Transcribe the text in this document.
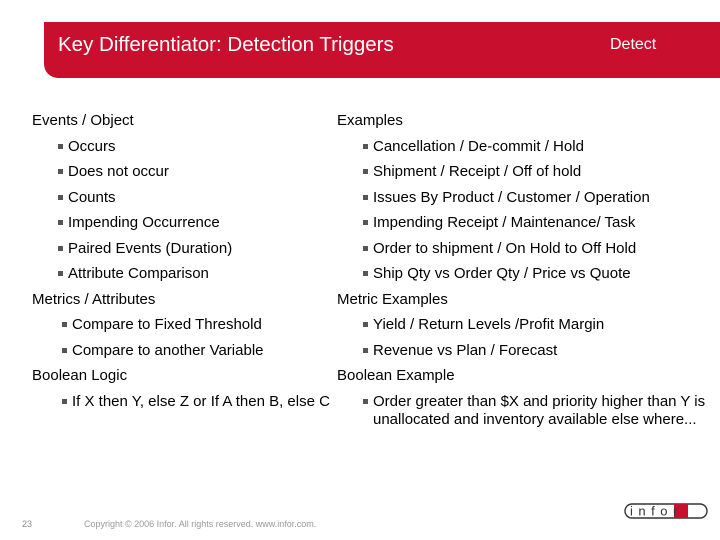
Key Differentiator: Detection Triggers	Detect
Events / Object
Occurs
Does not occur
Counts
Impending Occurrence
Paired Events (Duration)
Attribute Comparison
Metrics / Attributes
Compare to Fixed Threshold
Compare to another Variable
Boolean Logic
If X then Y, else Z or If A then B, else C
Examples
Cancellation / De-commit / Hold
Shipment / Receipt / Off of hold
Issues By Product / Customer / Operation
Impending Receipt / Maintenance/ Task
Order to shipment / On Hold to Off Hold
Ship Qty vs Order Qty / Price vs Quote
Metric Examples
Yield / Return Levels /Profit Margin
Revenue vs Plan / Forecast
Boolean Example
Order greater than $X and priority higher than Y is unallocated and inventory available else where...
23	Copyright © 2006 Infor. All rights reserved. www.infor.com.
infor
